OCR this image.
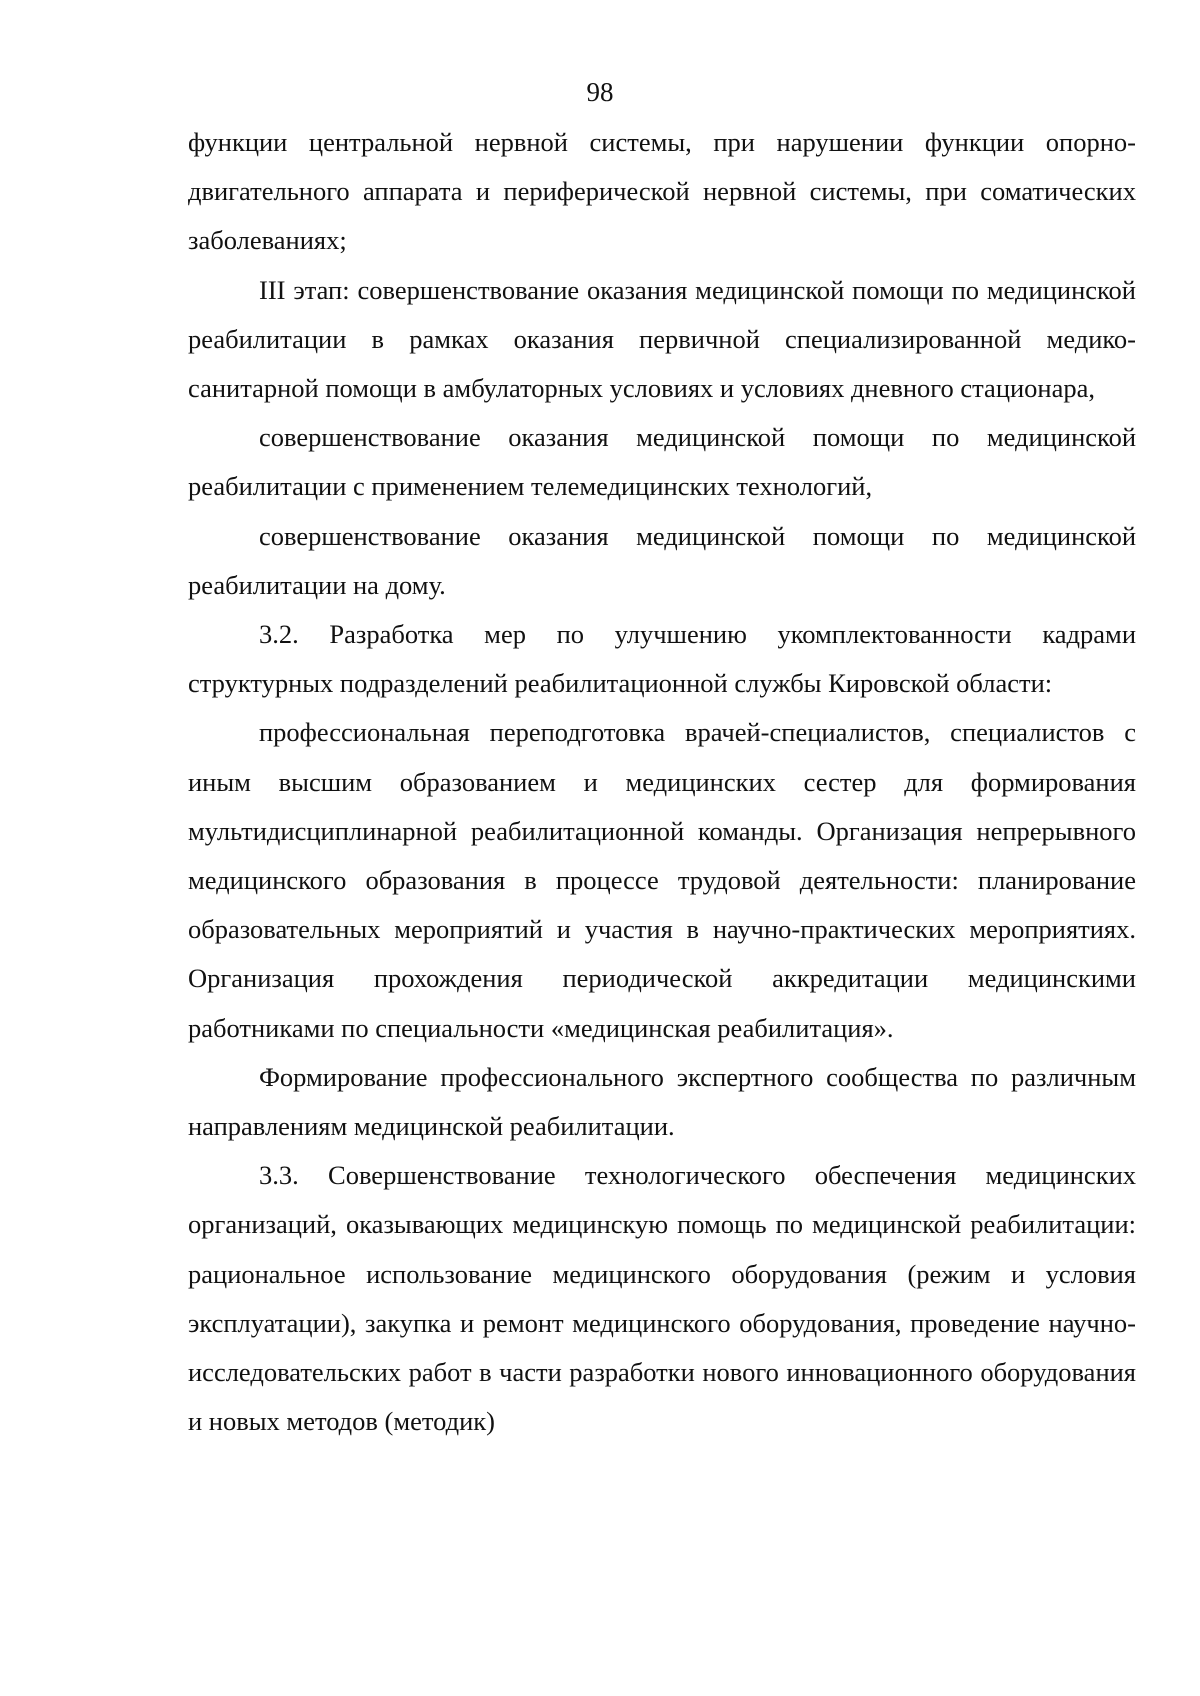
98

функции центральной нервной системы, при нарушении функции опорно-двигательного аппарата и периферической нервной системы, при соматических заболеваниях;

III этап: совершенствование оказания медицинской помощи по медицинской реабилитации в рамках оказания первичной специализированной медико-санитарной помощи в амбулаторных условиях и условиях дневного стационара,

совершенствование оказания медицинской помощи по медицинской реабилитации с применением телемедицинских технологий,

совершенствование оказания медицинской помощи по медицинской реабилитации на дому.

3.2. Разработка мер по улучшению укомплектованности кадрами структурных подразделений реабилитационной службы Кировской области:

профессиональная переподготовка врачей-специалистов, специалистов с иным высшим образованием и медицинских сестер для формирования мультидисциплинарной реабилитационной команды. Организация непрерывного медицинского образования в процессе трудовой деятельности: планирование образовательных мероприятий и участия в научно-практических мероприятиях. Организация прохождения периодической аккредитации медицинскими работниками по специальности «медицинская реабилитация».

Формирование профессионального экспертного сообщества по различным направлениям медицинской реабилитации.

3.3. Совершенствование технологического обеспечения медицинских организаций, оказывающих медицинскую помощь по медицинской реабилитации: рациональное использование медицинского оборудования (режим и условия эксплуатации), закупка и ремонт медицинского оборудования, проведение научно-исследовательских работ в части разработки нового инновационного оборудования и новых методов (методик)
